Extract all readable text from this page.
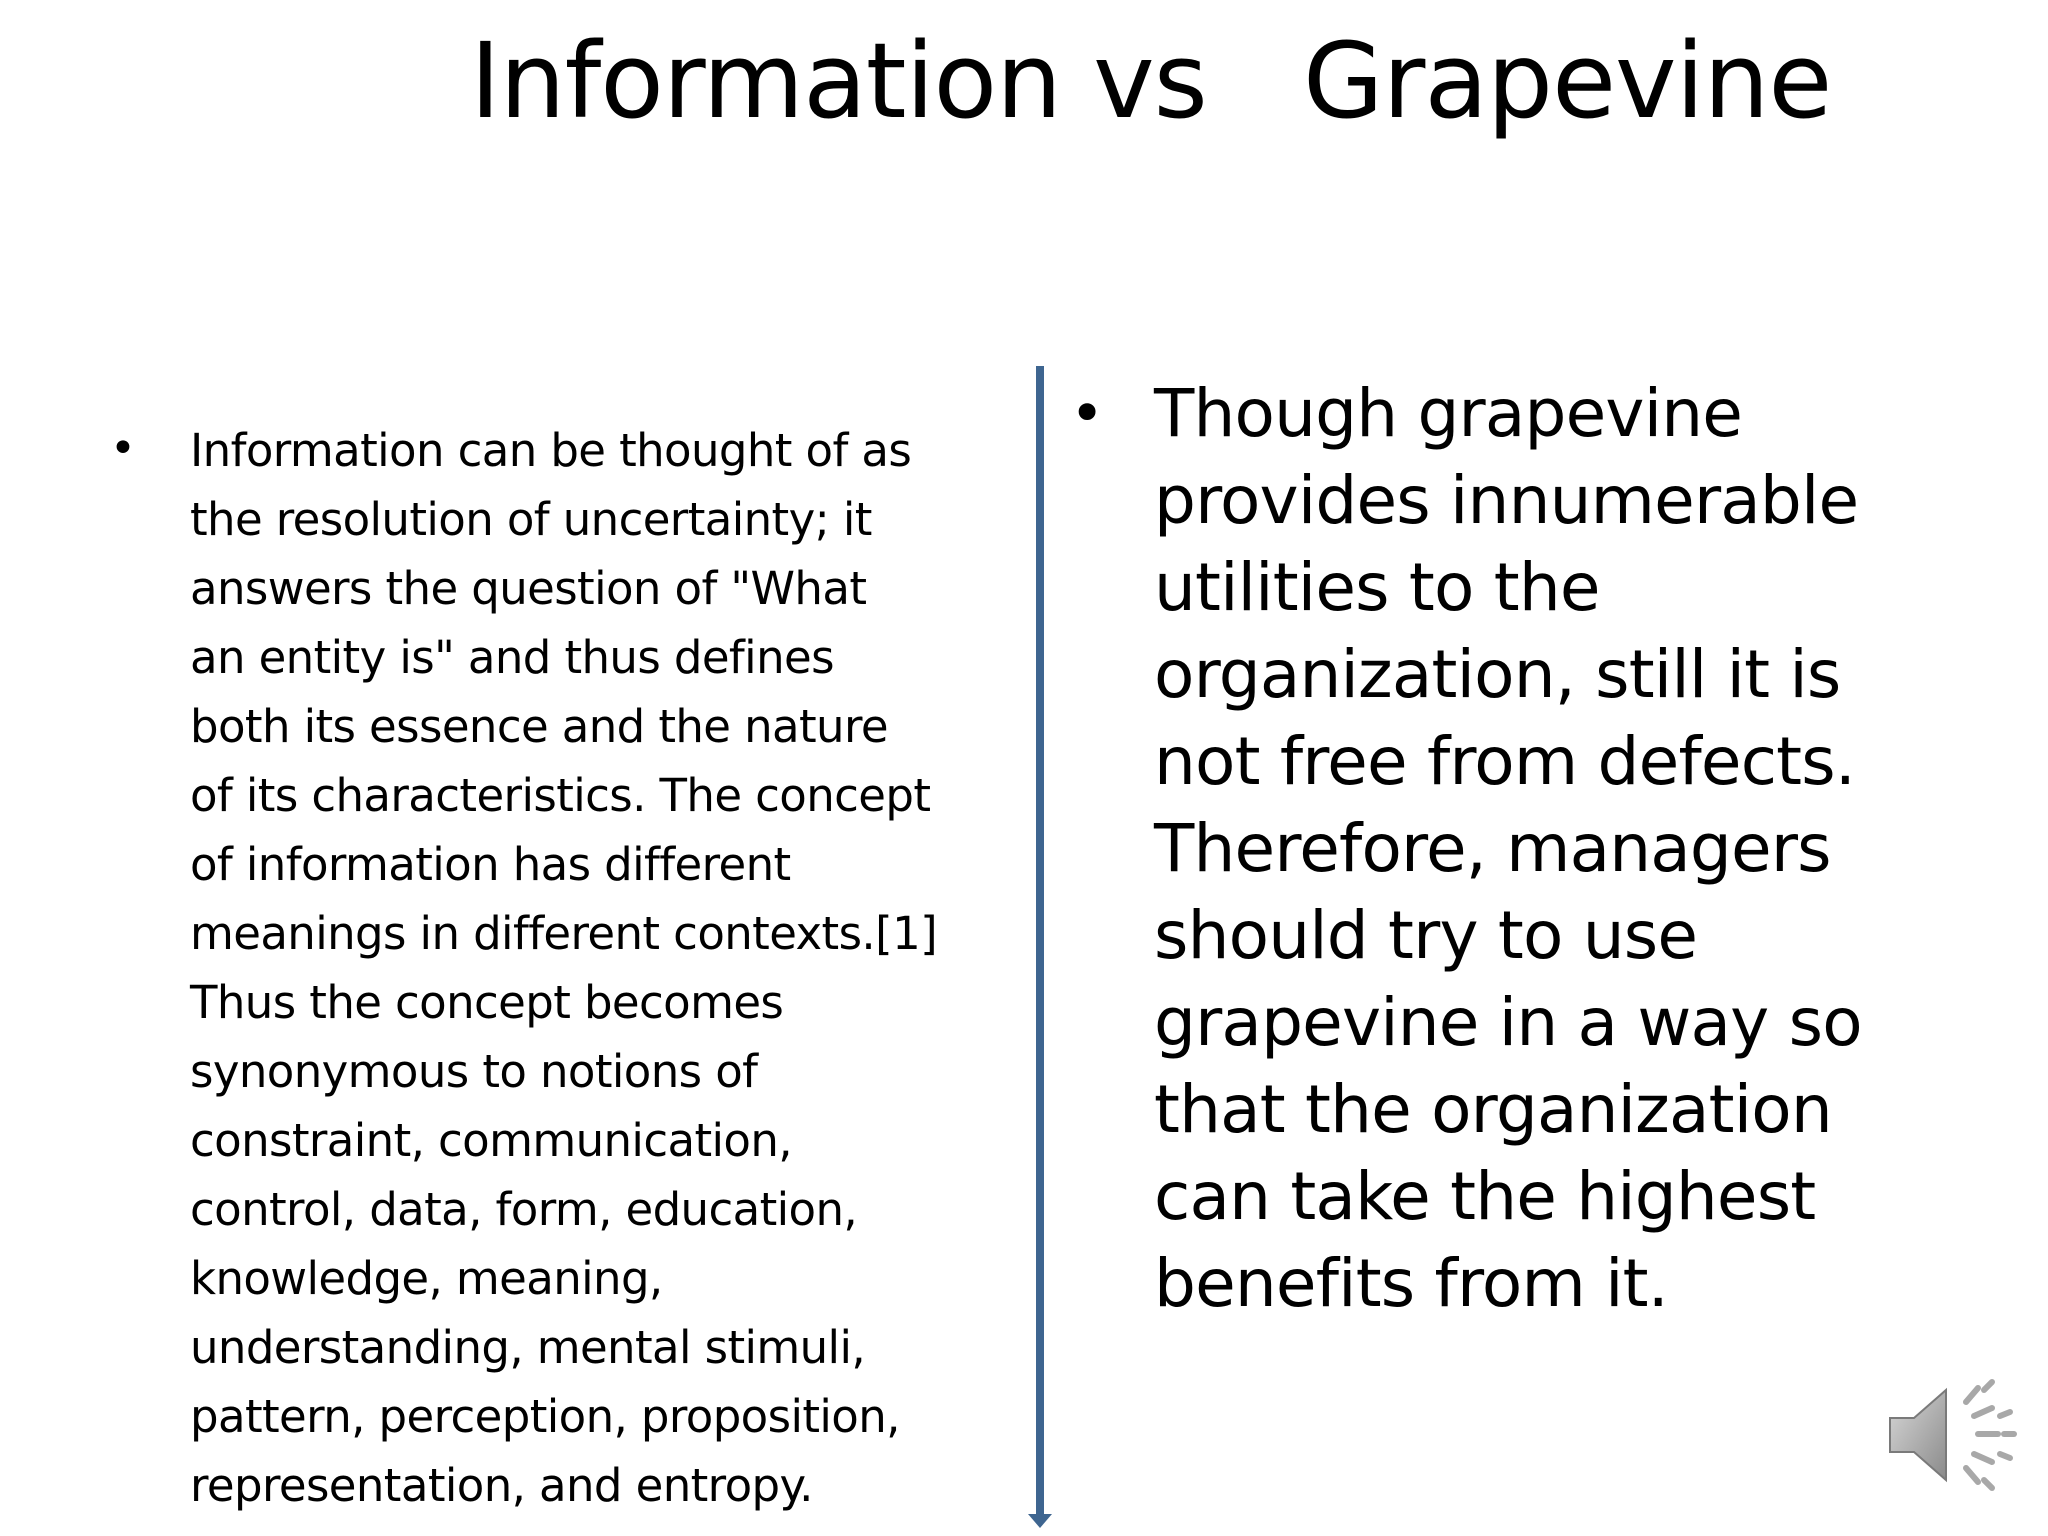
Information vs   Grapevine
• Information can be thought of as
the resolution of uncertainty; it
answers the question of "What
an entity is" and thus defines
both its essence and the nature
of its characteristics. The concept
of information has different
meanings in different contexts.[1]
Thus the concept becomes
synonymous to notions of
constraint, communication,
control, data, form, education,
knowledge, meaning,
understanding, mental stimuli,
pattern, perception, proposition,
representation, and entropy.
• Though grapevine
provides innumerable
utilities to the
organization, still it is
not free from defects.
Therefore, managers
should try to use
grapevine in a way so
that the organization
can take the highest
benefits from it.
